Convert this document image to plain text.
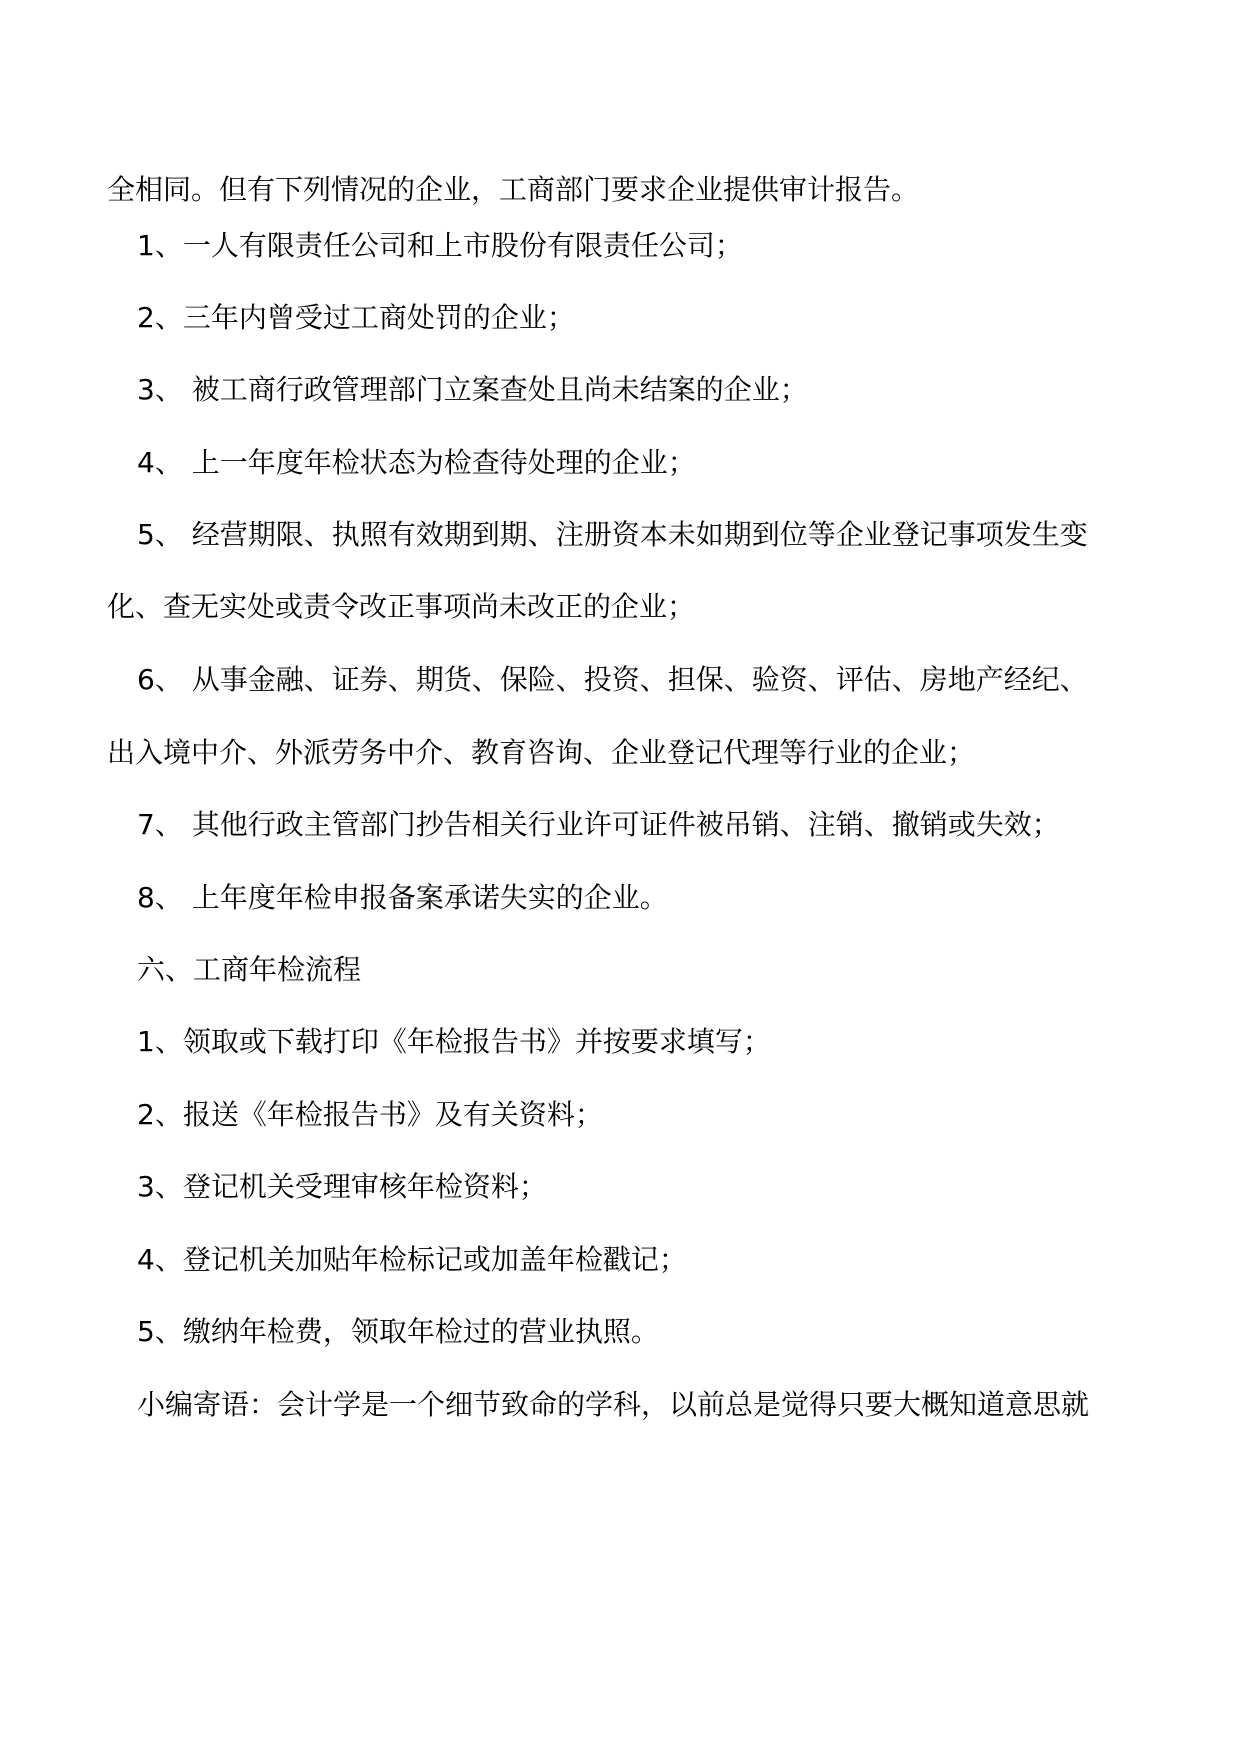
全相同。但有下列情况的企业，工商部门要求企业提供审计报告。
1、一人有限责任公司和上市股份有限责任公司；
2、三年内曾受过工商处罚的企业；
3、 被工商行政管理部门立案查处且尚未结案的企业；
4、 上一年度年检状态为检查待处理的企业；
5、 经营期限、执照有效期到期、注册资本未如期到位等企业登记事项发生变
化、查无实处或责令改正事项尚未改正的企业；
6、 从事金融、证券、期货、保险、投资、担保、验资、评估、房地产经纪、
出入境中介、外派劳务中介、教育咨询、企业登记代理等行业的企业；
7、 其他行政主管部门抄告相关行业许可证件被吊销、注销、撤销或失效；
8、 上年度年检申报备案承诺失实的企业。
六、工商年检流程
1、领取或下载打印《年检报告书》并按要求填写；
2、报送《年检报告书》及有关资料；
3、登记机关受理审核年检资料；
4、登记机关加贴年检标记或加盖年检戳记；
5、缴纳年检费，领取年检过的营业执照。
小编寄语：会计学是一个细节致命的学科，以前总是觉得只要大概知道意思就
